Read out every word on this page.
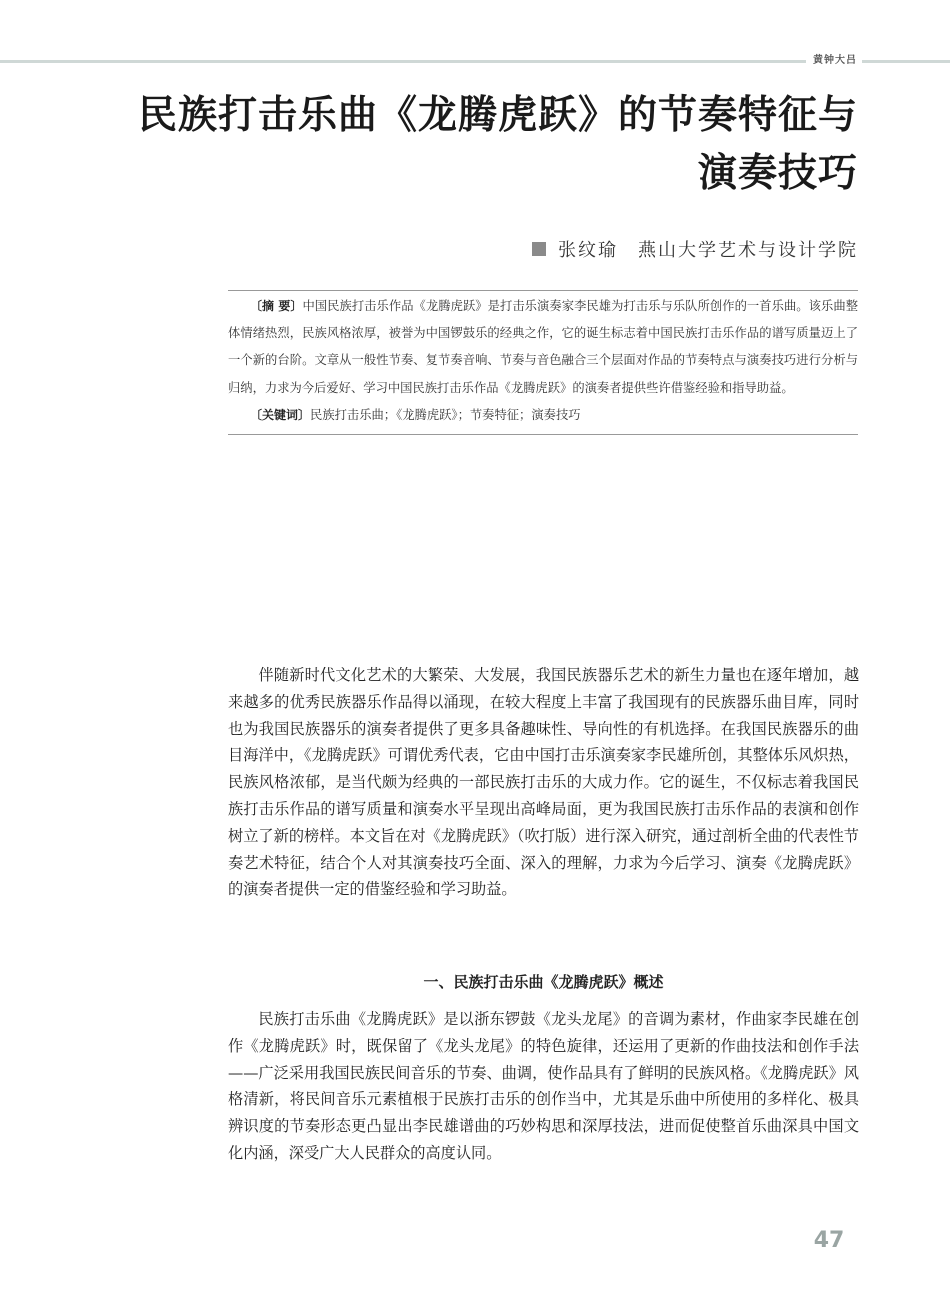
黄钟大吕
民族打击乐曲《龙腾虎跃》的节奏特征与
演奏技巧
张纹瑜 燕山大学艺术与设计学院
〔摘 要〕中国民族打击乐作品《龙腾虎跃》是打击乐演奏家李民雄为打击乐与乐队所创作的一首乐曲。该乐曲整体情绪热烈，民族风格浓厚，被誉为中国锣鼓乐的经典之作，它的诞生标志着中国民族打击乐作品的谱写质量迈上了一个新的台阶。文章从一般性节奏、复节奏音响、节奏与音色融合三个层面对作品的节奏特点与演奏技巧进行分析与归纳，力求为今后爱好、学习中国民族打击乐作品《龙腾虎跃》的演奏者提供些许借鉴经验和指导助益。
〔关键词〕民族打击乐曲；《龙腾虎跃》；节奏特征；演奏技巧
伴随新时代文化艺术的大繁荣、大发展，我国民族器乐艺术的新生力量也在逐年增加，越来越多的优秀民族器乐作品得以涌现，在较大程度上丰富了我国现有的民族器乐曲目库，同时也为我国民族器乐的演奏者提供了更多具备趣味性、导向性的有机选择。在我国民族器乐的曲目海洋中，《龙腾虎跃》可谓优秀代表，它由中国打击乐演奏家李民雄所创，其整体乐风炽热，民族风格浓郁，是当代颇为经典的一部民族打击乐的大成力作。它的诞生，不仅标志着我国民族打击乐作品的谱写质量和演奏水平呈现出高峰局面，更为我国民族打击乐作品的表演和创作树立了新的榜样。本文旨在对《龙腾虎跃》（吹打版）进行深入研究，通过剖析全曲的代表性节奏艺术特征，结合个人对其演奏技巧全面、深入的理解，力求为今后学习、演奏《龙腾虎跃》的演奏者提供一定的借鉴经验和学习助益。
一、民族打击乐曲《龙腾虎跃》概述
民族打击乐曲《龙腾虎跃》是以浙东锣鼓《龙头龙尾》的音调为素材，作曲家李民雄在创作《龙腾虎跃》时，既保留了《龙头龙尾》的特色旋律，还运用了更新的作曲技法和创作手法——广泛采用我国民族民间音乐的节奏、曲调，使作品具有了鲜明的民族风格。《龙腾虎跃》风格清新，将民间音乐元素植根于民族打击乐的创作当中，尤其是乐曲中所使用的多样化、极具辨识度的节奏形态更凸显出李民雄谱曲的巧妙构思和深厚技法，进而促使整首乐曲深具中国文化内涵，深受广大人民群众的高度认同。
47
